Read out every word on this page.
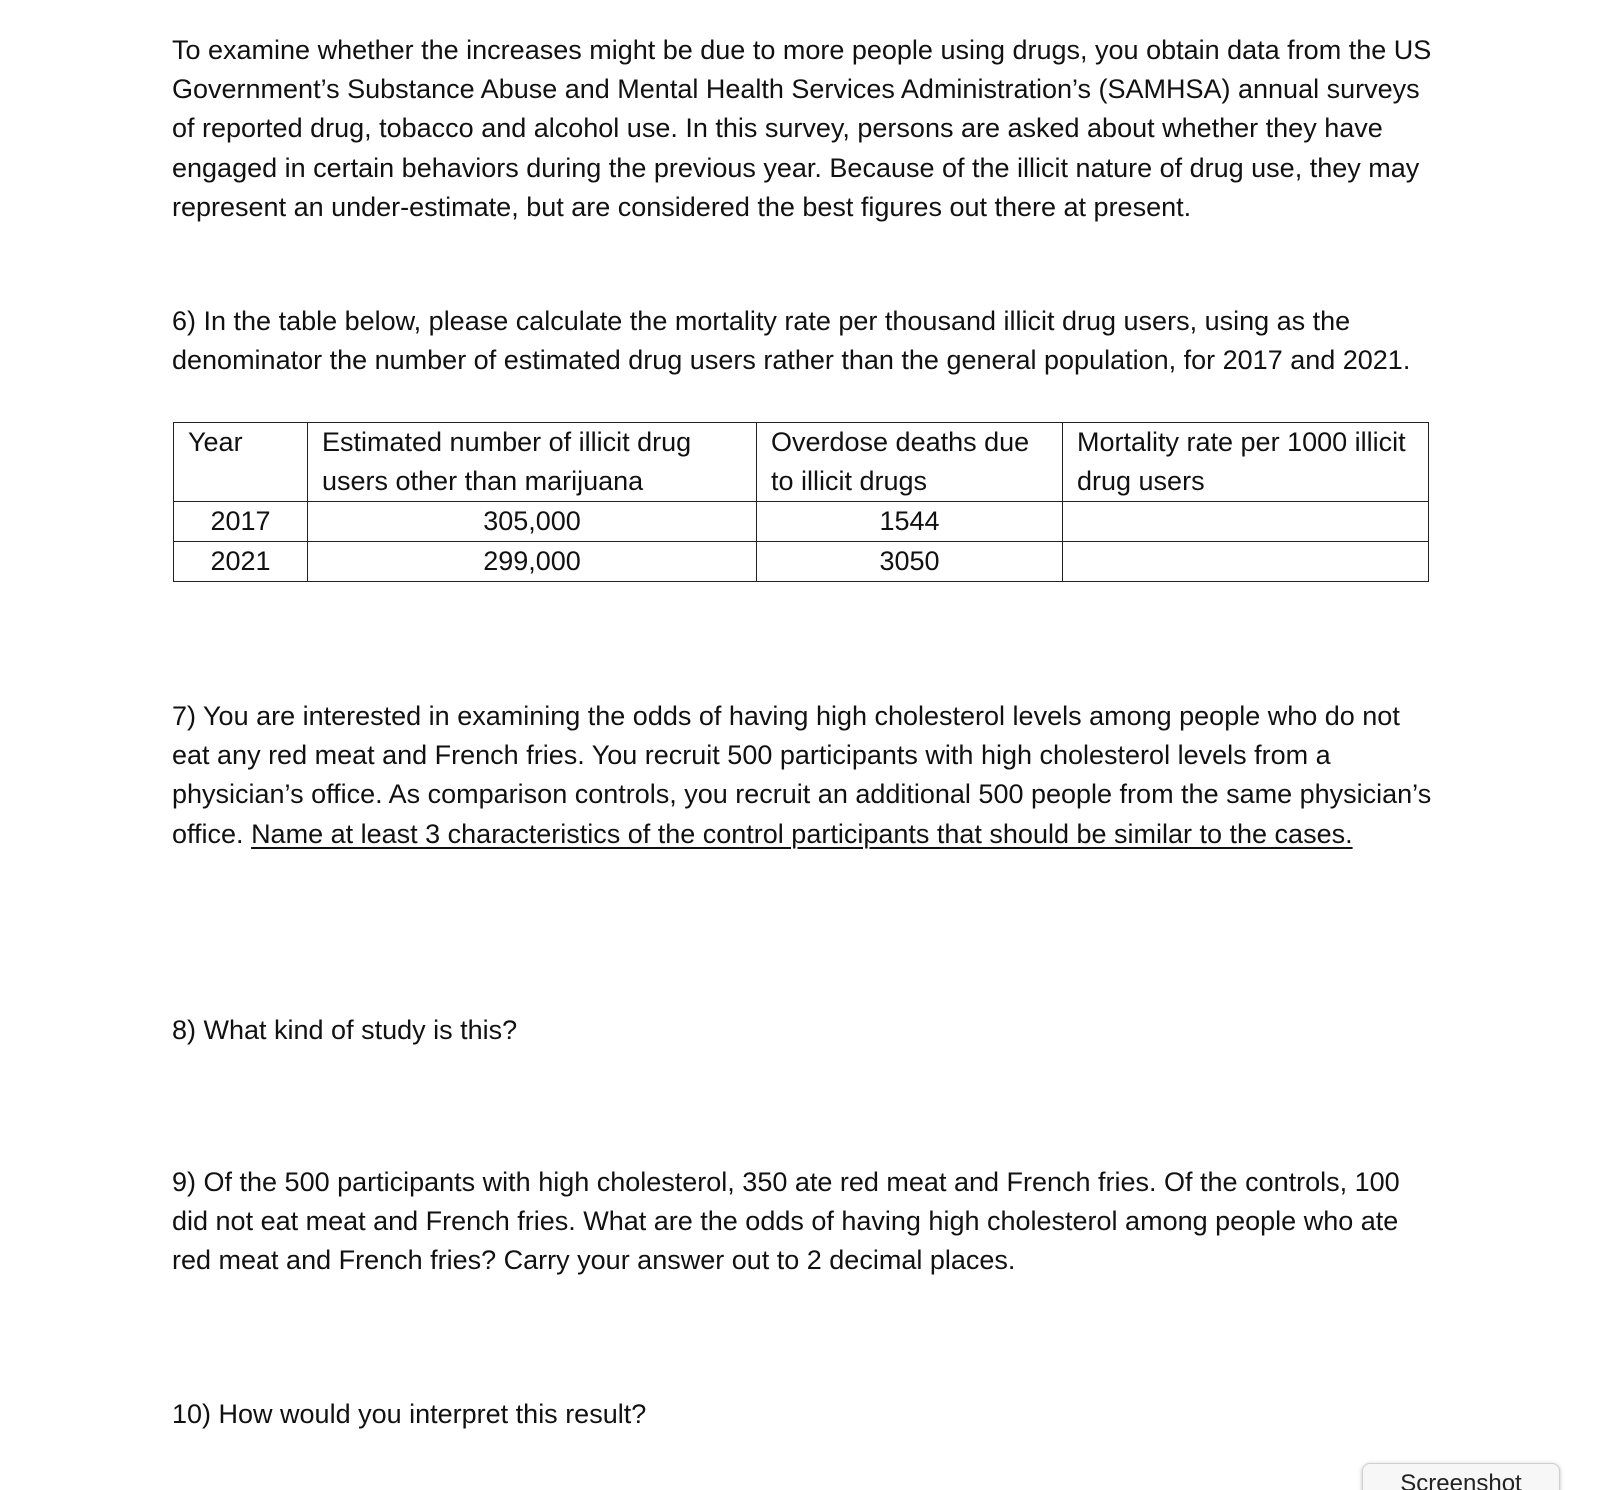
To examine whether the increases might be due to more people using drugs, you obtain data from the US Government’s Substance Abuse and Mental Health Services Administration’s (SAMHSA) annual surveys of reported drug, tobacco and alcohol use. In this survey, persons are asked about whether they have engaged in certain behaviors during the previous year. Because of the illicit nature of drug use, they may represent an under-estimate, but are considered the best figures out there at present.

6) In the table below, please calculate the mortality rate per thousand illicit drug users, using as the denominator the number of estimated drug users rather than the general population, for 2017 and 2021.

Year	Estimated number of illicit drug users other than marijuana	Overdose deaths due to illicit drugs	Mortality rate per 1000 illicit drug users
2017	305,000	1544	
2021	299,000	3050	

7) You are interested in examining the odds of having high cholesterol levels among people who do not eat any red meat and French fries. You recruit 500 participants with high cholesterol levels from a physician’s office. As comparison controls, you recruit an additional 500 people from the same physician’s office. Name at least 3 characteristics of the control participants that should be similar to the cases.

8) What kind of study is this?

9) Of the 500 participants with high cholesterol, 350 ate red meat and French fries. Of the controls, 100 did not eat meat and French fries. What are the odds of having high cholesterol among people who ate red meat and French fries? Carry your answer out to 2 decimal places.

10) How would you interpret this result?

Screenshot
